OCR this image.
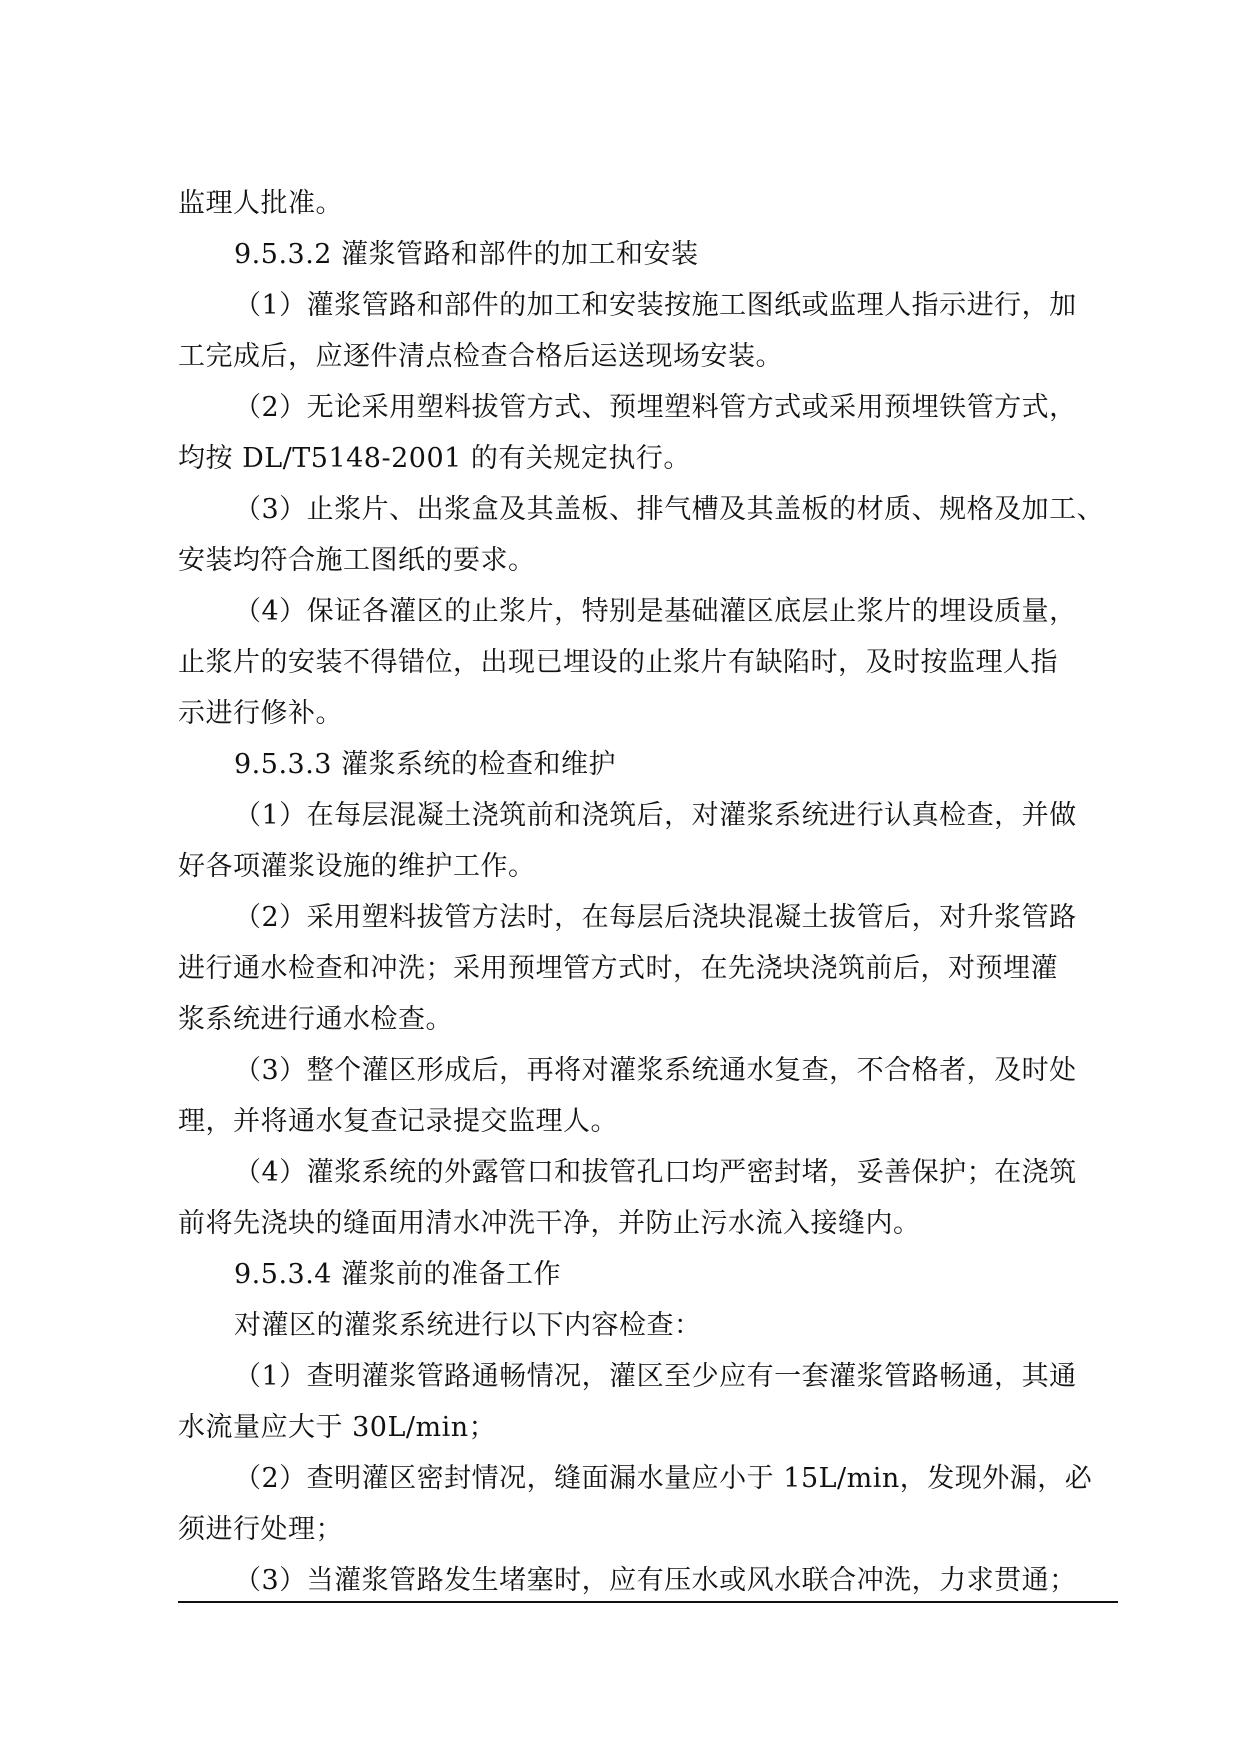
监理人批准。
9.5.3.2 灌浆管路和部件的加工和安装
（1）灌浆管路和部件的加工和安装按施工图纸或监理人指示进行，加
工完成后，应逐件清点检查合格后运送现场安装。
（2）无论采用塑料拔管方式、预埋塑料管方式或采用预埋铁管方式，
均按 DL/T5148-2001 的有关规定执行。
（3）止浆片、出浆盒及其盖板、排气槽及其盖板的材质、规格及加工、
安装均符合施工图纸的要求。
（4）保证各灌区的止浆片，特别是基础灌区底层止浆片的埋设质量，
止浆片的安装不得错位，出现已埋设的止浆片有缺陷时，及时按监理人指
示进行修补。
9.5.3.3 灌浆系统的检查和维护
（1）在每层混凝土浇筑前和浇筑后，对灌浆系统进行认真检查，并做
好各项灌浆设施的维护工作。
（2）采用塑料拔管方法时，在每层后浇块混凝土拔管后，对升浆管路
进行通水检查和冲洗；采用预埋管方式时，在先浇块浇筑前后，对预埋灌
浆系统进行通水检查。
（3）整个灌区形成后，再将对灌浆系统通水复查，不合格者，及时处
理，并将通水复查记录提交监理人。
（4）灌浆系统的外露管口和拔管孔口均严密封堵，妥善保护；在浇筑
前将先浇块的缝面用清水冲洗干净，并防止污水流入接缝内。
9.5.3.4 灌浆前的准备工作
对灌区的灌浆系统进行以下内容检查：
（1）查明灌浆管路通畅情况，灌区至少应有一套灌浆管路畅通，其通
水流量应大于 30L/min；
（2）查明灌区密封情况，缝面漏水量应小于 15L/min，发现外漏，必
须进行处理；
（3）当灌浆管路发生堵塞时，应有压水或风水联合冲洗，力求贯通；
